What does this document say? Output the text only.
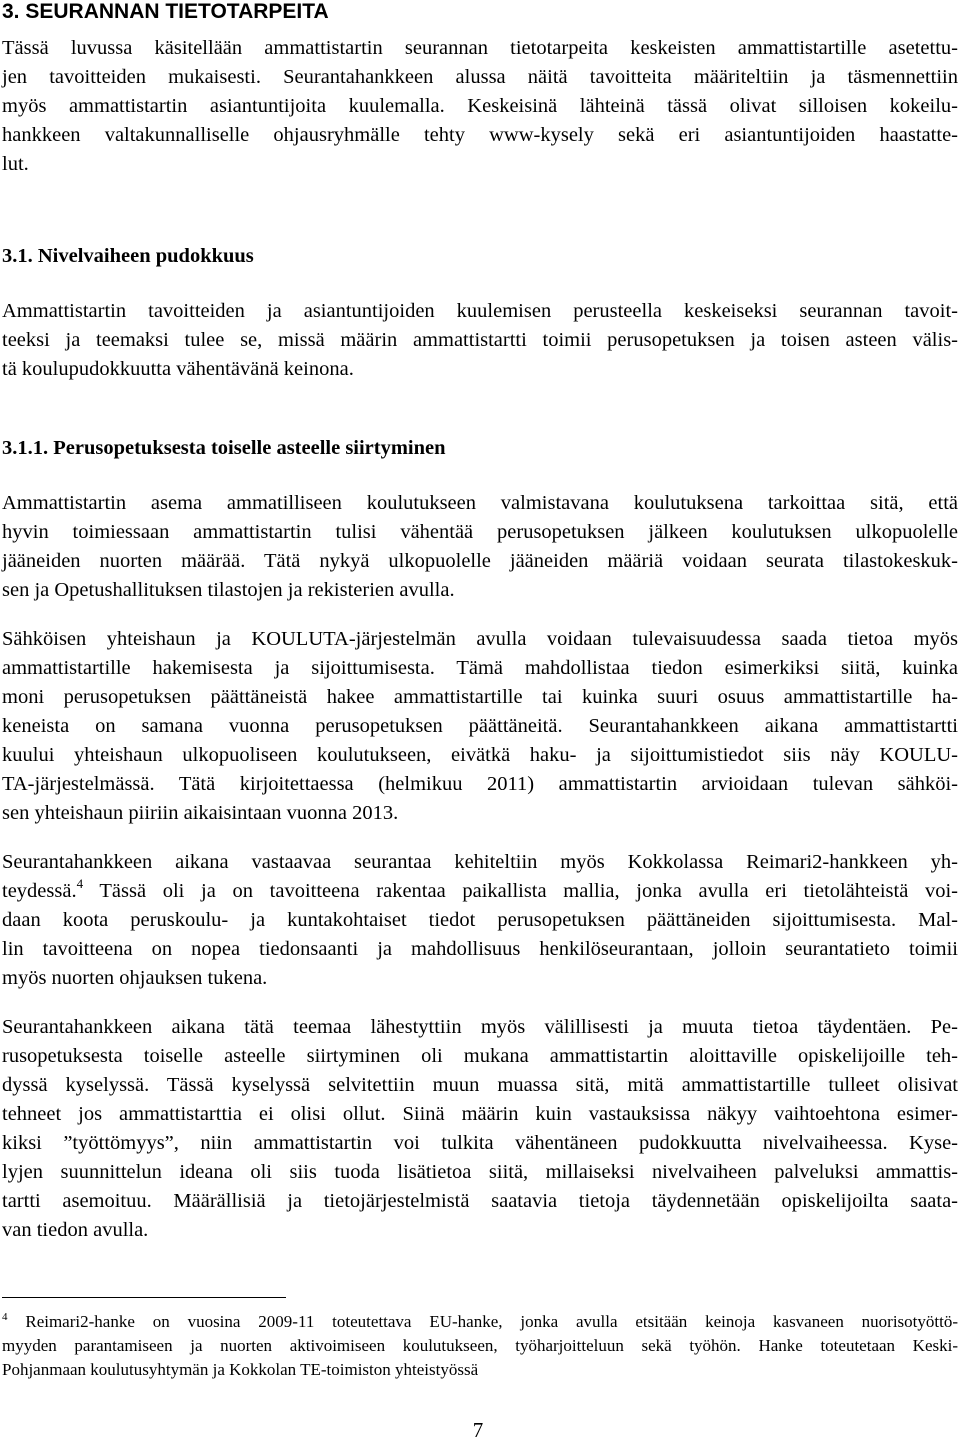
3. SEURANNAN TIETOTARPEITA
Tässä luvussa käsitellään ammattistartin seurannan tietotarpeita keskeisten ammattistartille asetettu-
jen tavoitteiden mukaisesti. Seurantahankkeen alussa näitä tavoitteita määriteltiin ja täsmennettiin
myös ammattistartin asiantuntijoita kuulemalla. Keskeisinä lähteinä tässä olivat silloisen kokeilu-
hankkeen valtakunnalliselle ohjausryhmälle tehty www-kysely sekä eri asiantuntijoiden haastatte-
lut.
3.1. Nivelvaiheen pudokkuus
Ammattistartin tavoitteiden ja asiantuntijoiden kuulemisen perusteella keskeiseksi seurannan tavoit-
teeksi ja teemaksi tulee se, missä määrin ammattistartti toimii perusopetuksen ja toisen asteen välis-
tä koulupudokkuutta vähentävänä keinona.
3.1.1. Perusopetuksesta toiselle asteelle siirtyminen
Ammattistartin asema ammatilliseen koulutukseen valmistavana koulutuksena tarkoittaa sitä, että
hyvin toimiessaan ammattistartin tulisi vähentää perusopetuksen jälkeen koulutuksen ulkopuolelle
jääneiden nuorten määrää. Tätä nykyä ulkopuolelle jääneiden määriä voidaan seurata tilastokeskuk-
sen ja Opetushallituksen tilastojen ja rekisterien avulla.
Sähköisen yhteishaun ja KOULUTA-järjestelmän avulla voidaan tulevaisuudessa saada tietoa myös
ammattistartille hakemisesta ja sijoittumisesta. Tämä mahdollistaa tiedon esimerkiksi siitä, kuinka
moni perusopetuksen päättäneistä hakee ammattistartille tai kuinka suuri osuus ammattistartille ha-
keneista on samana vuonna perusopetuksen päättäneitä. Seurantahankkeen aikana ammattistartti
kuului yhteishaun ulkopuoliseen koulutukseen, eivätkä haku- ja sijoittumistiedot siis näy KOULU-
TA-järjestelmässä. Tätä kirjoitettaessa (helmikuu 2011) ammattistartin arvioidaan tulevan sähköi-
sen yhteishaun piiriin aikaisintaan vuonna 2013.
Seurantahankkeen aikana vastaavaa seurantaa kehiteltiin myös Kokkolassa Reimari2-hankkeen yh-
teydessä.$^4$ Tässä oli ja on tavoitteena rakentaa paikallista mallia, jonka avulla eri tietolähteistä voi-
daan koota peruskoulu- ja kuntakohtaiset tiedot perusopetuksen päättäneiden sijoittumisesta. Mal-
lin tavoitteena on nopea tiedonsaanti ja mahdollisuus henkilöseurantaan, jolloin seurantatieto toimii
myös nuorten ohjauksen tukena.
Seurantahankkeen aikana tätä teemaa lähestyttiin myös välillisesti ja muuta tietoa täydentäen. Pe-
rusopetuksesta toiselle asteelle siirtyminen oli mukana ammattistartin aloittaville opiskelijoille teh-
dyssä kyselyssä. Tässä kyselyssä selvitettiin muun muassa sitä, mitä ammattistartille tulleet olisivat
tehneet jos ammattistarttia ei olisi ollut. Siinä määrin kuin vastauksissa näkyy vaihtoehtona esimer-
kiksi ”työttömyys”, niin ammattistartin voi tulkita vähentäneen pudokkuutta nivelvaiheessa. Kyse-
lyjen suunnittelun ideana oli siis tuoda lisätietoa siitä, millaiseksi nivelvaiheen palveluksi ammattis-
tartti asemoituu. Määrällisiä ja tietojärjestelmistä saatavia tietoja täydennetään opiskelijoilta saata-
van tiedon avulla.
$^4$ Reimari2-hanke on vuosina 2009-11 toteutettava EU-hanke, jonka avulla etsitään keinoja kasvaneen nuorisotyöttö-
myyden parantamiseen ja nuorten aktivoimiseen koulutukseen, työharjoitteluun sekä työhön. Hanke toteutetaan Keski-
Pohjanmaan koulutusyhtymän ja Kokkolan TE-toimiston yhteistyössä
7
